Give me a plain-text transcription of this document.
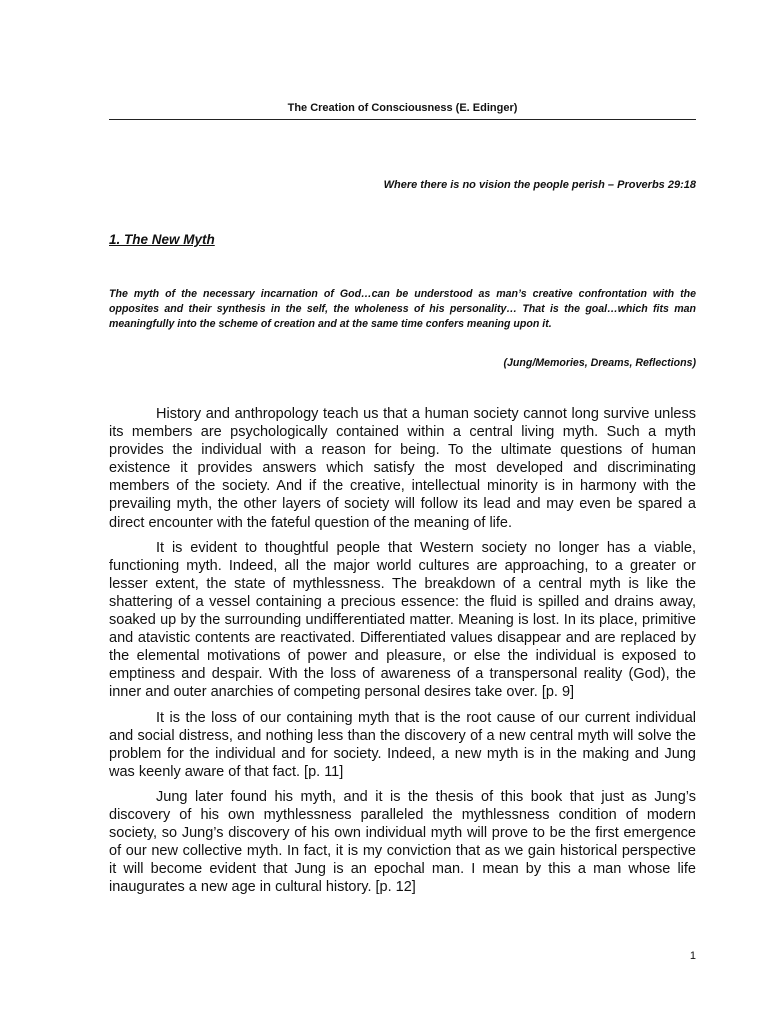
The Creation of Consciousness (E. Edinger)
Where there is no vision the people perish – Proverbs 29:18
1. The New Myth
The myth of the necessary incarnation of God…can be understood as man’s creative confrontation with the opposites and their synthesis in the self, the wholeness of his personality… That is the goal…which fits man meaningfully into the scheme of creation and at the same time confers meaning upon it.
(Jung/Memories, Dreams, Reflections)

History and anthropology teach us that a human society cannot long survive unless its members are psychologically contained within a central living myth. Such a myth provides the individual with a reason for being. To the ultimate questions of human existence it provides answers which satisfy the most developed and discriminating members of the society. And if the creative, intellectual minority is in harmony with the prevailing myth, the other layers of society will follow its lead and may even be spared a direct encounter with the fateful question of the meaning of life.

It is evident to thoughtful people that Western society no longer has a viable, functioning myth. Indeed, all the major world cultures are approaching, to a greater or lesser extent, the state of mythlessness. The breakdown of a central myth is like the shattering of a vessel containing a precious essence: the fluid is spilled and drains away, soaked up by the surrounding undifferentiated matter. Meaning is lost. In its place, primitive and atavistic contents are reactivated. Differentiated values disappear and are replaced by the elemental motivations of power and pleasure, or else the individual is exposed to emptiness and despair. With the loss of awareness of a transpersonal reality (God), the inner and outer anarchies of competing personal desires take over. [p. 9]

It is the loss of our containing myth that is the root cause of our current individual and social distress, and nothing less than the discovery of a new central myth will solve the problem for the individual and for society. Indeed, a new myth is in the making and Jung was keenly aware of that fact. [p. 11]

Jung later found his myth, and it is the thesis of this book that just as Jung’s discovery of his own mythlessness paralleled the mythlessness condition of modern society, so Jung’s discovery of his own individual myth will prove to be the first emergence of our new collective myth. In fact, it is my conviction that as we gain historical perspective it will become evident that Jung is an epochal man. I mean by this a man whose life inaugurates a new age in cultural history. [p. 12]

1
